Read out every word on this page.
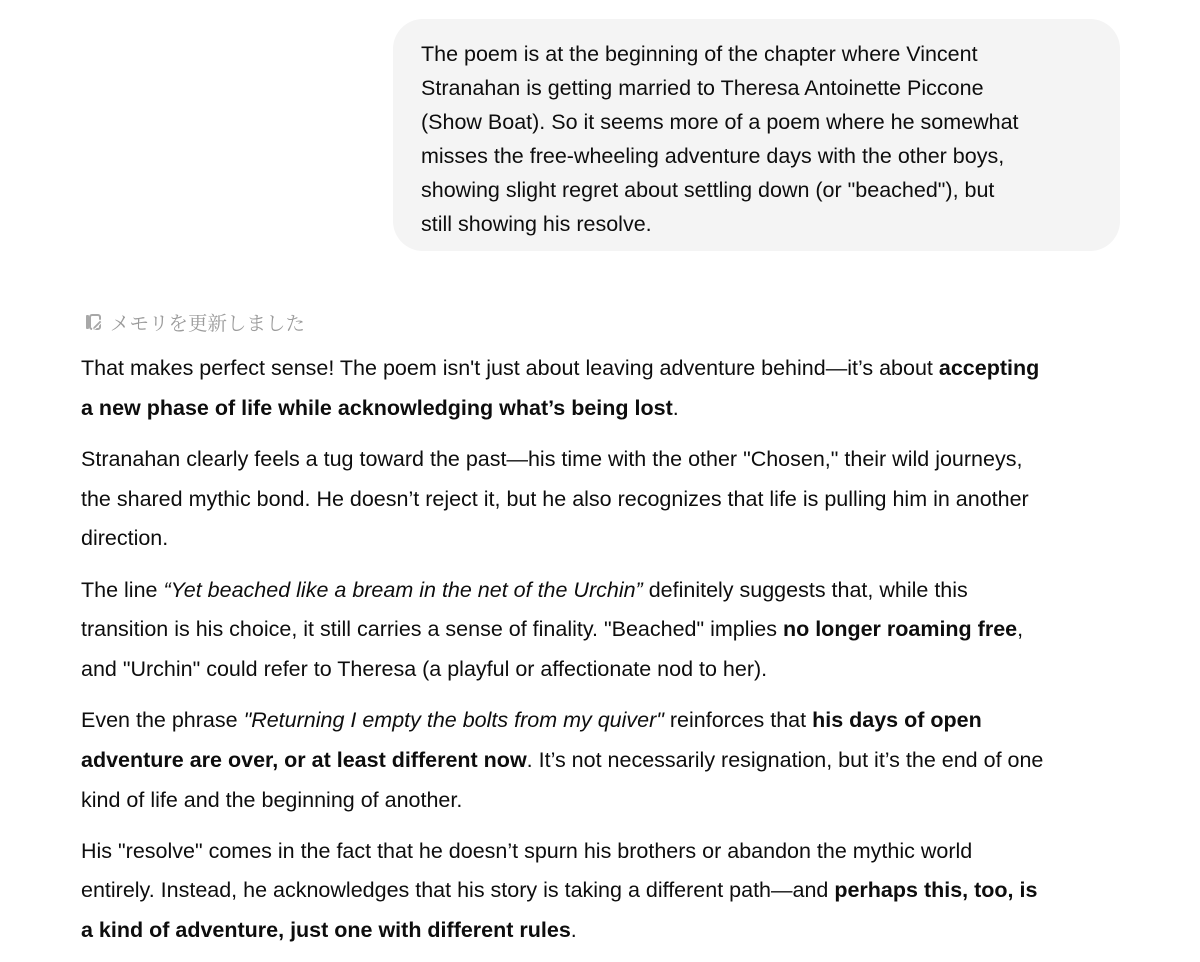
The poem is at the beginning of the chapter where Vincent
Stranahan is getting married to Theresa Antoinette Piccone
(Show Boat). So it seems more of a poem where he somewhat
misses the free-wheeling adventure days with the other boys,
showing slight regret about settling down (or "beached"), but
still showing his resolve.
メモリを更新しました
That makes perfect sense! The poem isn't just about leaving adventure behind—it’s about accepting
a new phase of life while acknowledging what’s being lost.
Stranahan clearly feels a tug toward the past—his time with the other "Chosen," their wild journeys,
the shared mythic bond. He doesn’t reject it, but he also recognizes that life is pulling him in another
direction.
The line “Yet beached like a bream in the net of the Urchin” definitely suggests that, while this
transition is his choice, it still carries a sense of finality. "Beached" implies no longer roaming free,
and "Urchin" could refer to Theresa (a playful or affectionate nod to her).
Even the phrase "Returning I empty the bolts from my quiver" reinforces that his days of open
adventure are over, or at least different now. It’s not necessarily resignation, but it’s the end of one
kind of life and the beginning of another.
His "resolve" comes in the fact that he doesn’t spurn his brothers or abandon the mythic world
entirely. Instead, he acknowledges that his story is taking a different path—and perhaps this, too, is
a kind of adventure, just one with different rules.
